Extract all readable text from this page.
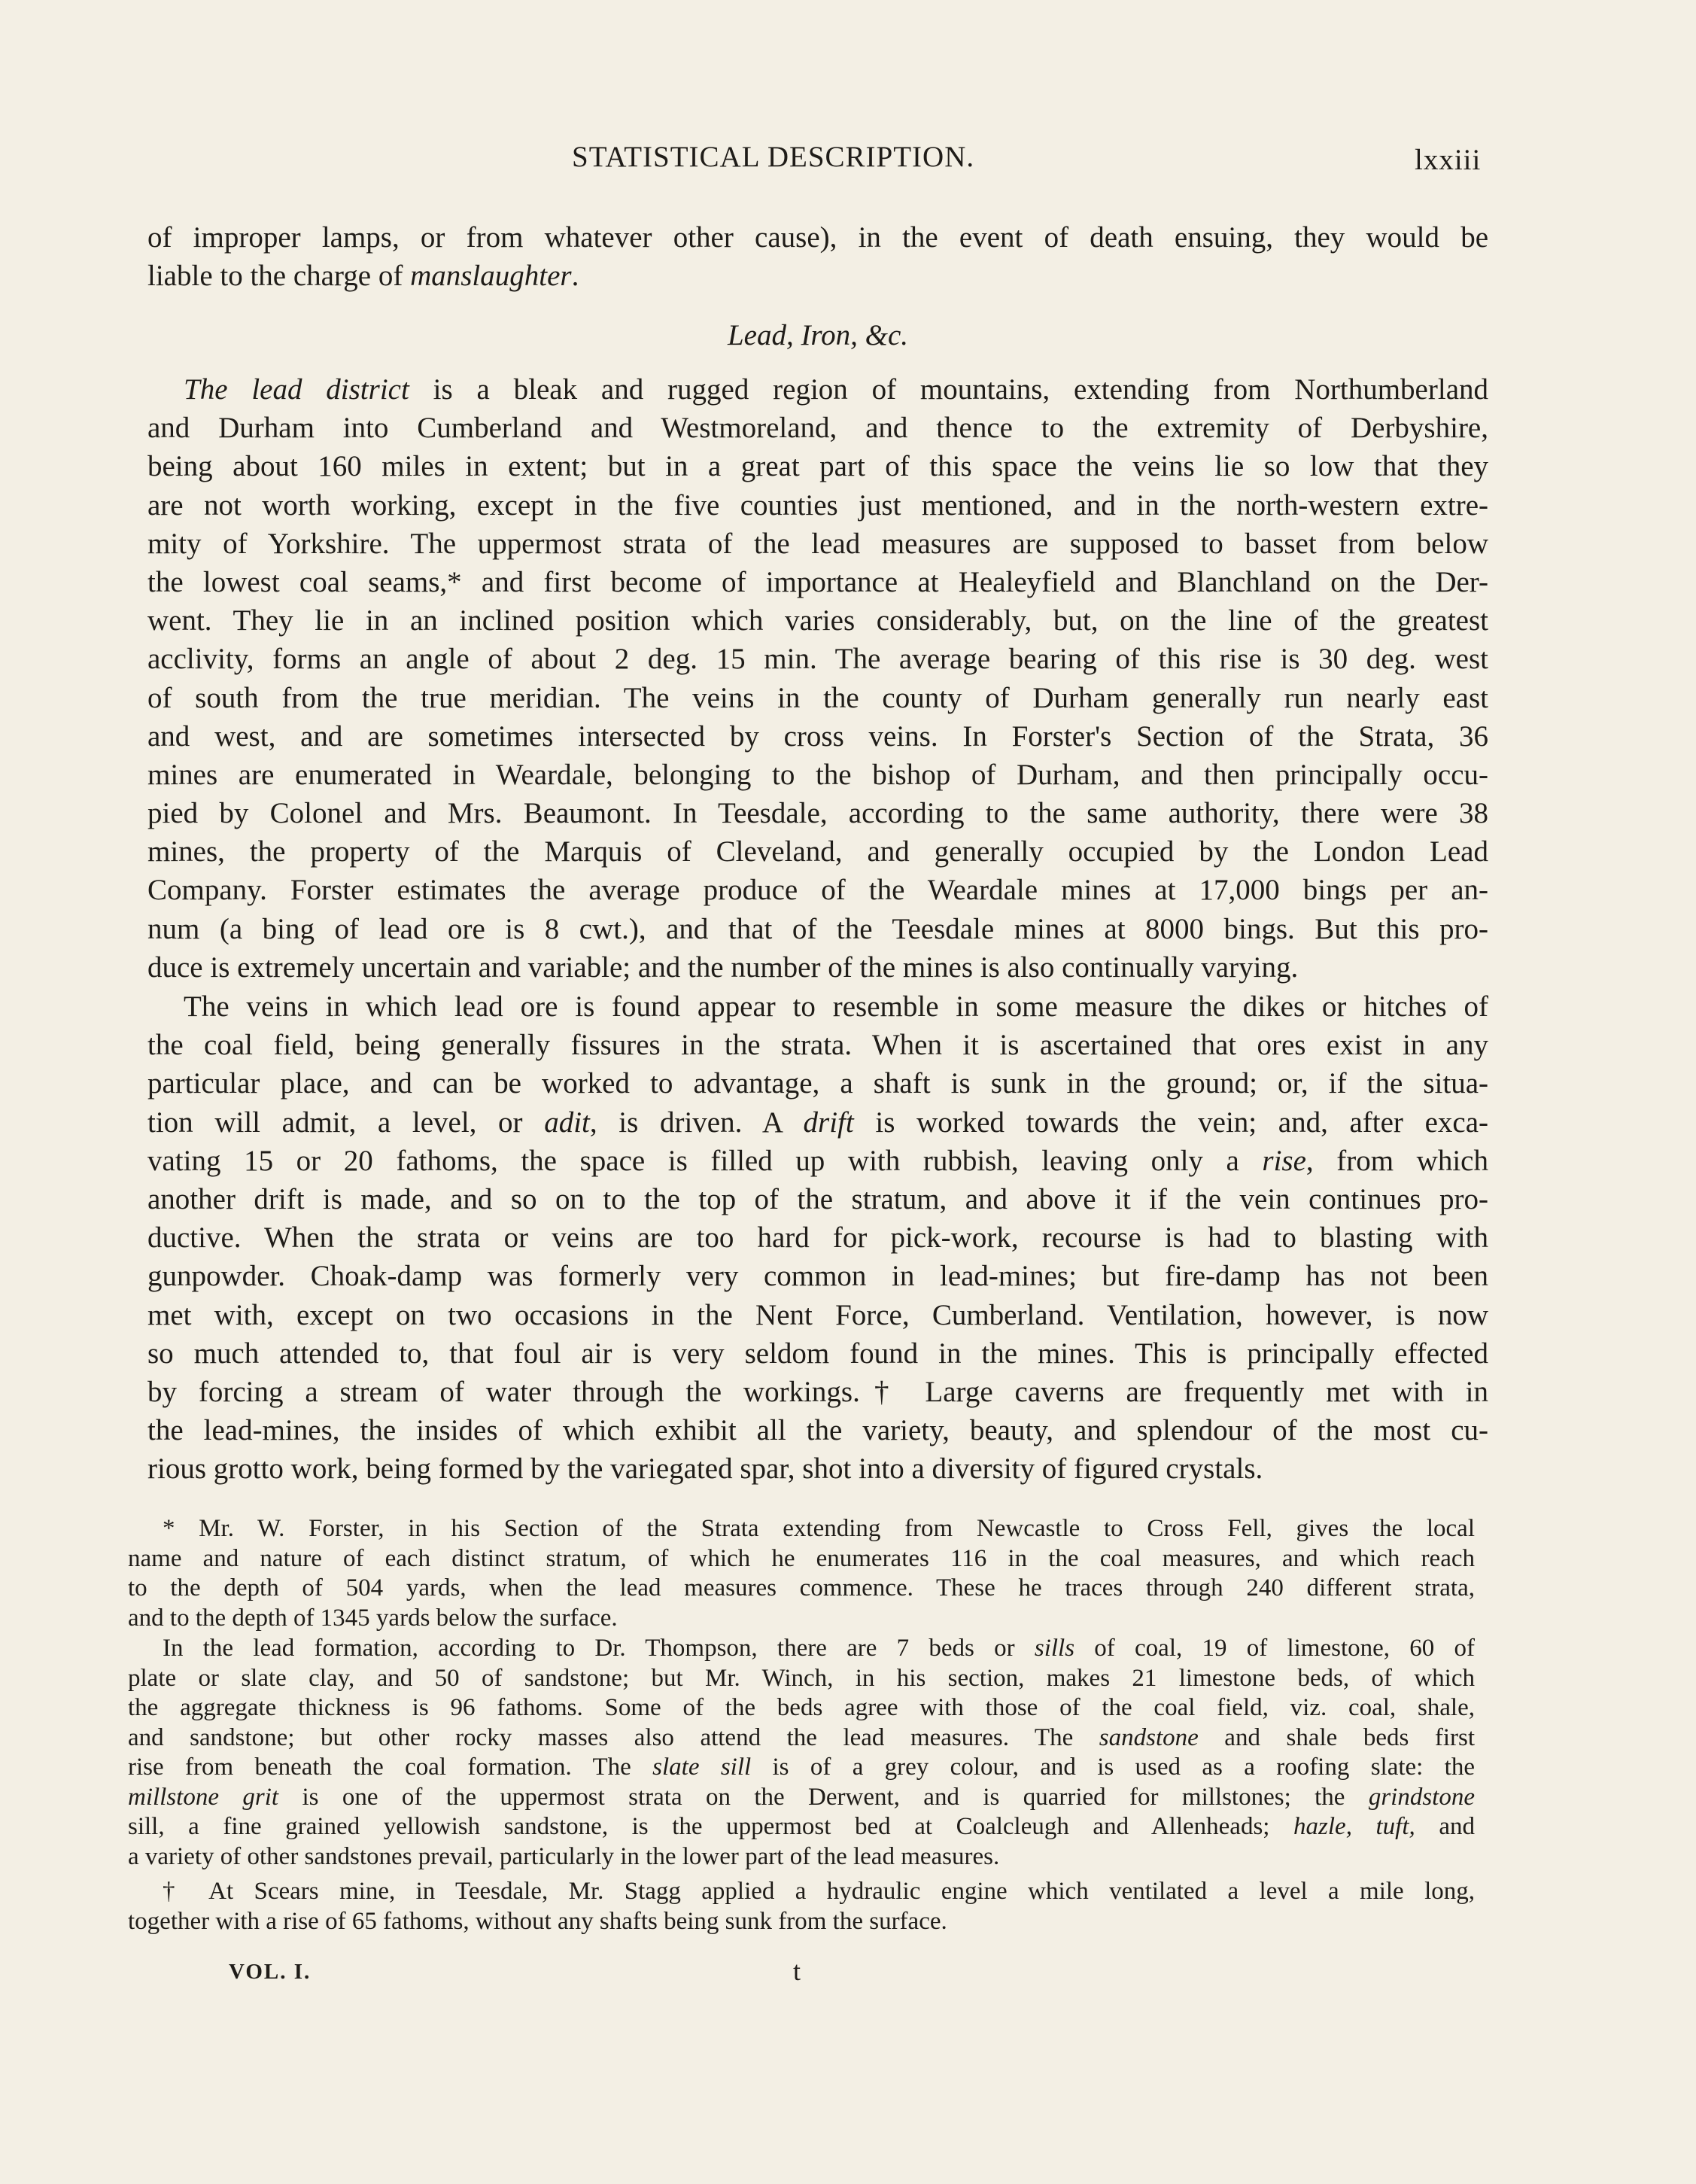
STATISTICAL DESCRIPTION.	lxxiii
of improper lamps, or from whatever other cause), in the event of death ensuing, they would be
liable to the charge of manslaughter.
Lead, Iron, &c.
The lead district is a bleak and rugged region of mountains, extending from Northumberland
and Durham into Cumberland and Westmoreland, and thence to the extremity of Derbyshire,
being about 160 miles in extent; but in a great part of this space the veins lie so low that they
are not worth working, except in the five counties just mentioned, and in the north-western extre-
mity of Yorkshire. The uppermost strata of the lead measures are supposed to basset from below
the lowest coal seams,* and first become of importance at Healeyfield and Blanchland on the Der-
went. They lie in an inclined position which varies considerably, but, on the line of the greatest
acclivity, forms an angle of about 2 deg. 15 min. The average bearing of this rise is 30 deg. west
of south from the true meridian. The veins in the county of Durham generally run nearly east
and west, and are sometimes intersected by cross veins. In Forster's Section of the Strata, 36
mines are enumerated in Weardale, belonging to the bishop of Durham, and then principally occu-
pied by Colonel and Mrs. Beaumont. In Teesdale, according to the same authority, there were 38
mines, the property of the Marquis of Cleveland, and generally occupied by the London Lead
Company. Forster estimates the average produce of the Weardale mines at 17,000 bings per an-
num (a bing of lead ore is 8 cwt.), and that of the Teesdale mines at 8000 bings. But this pro-
duce is extremely uncertain and variable; and the number of the mines is also continually varying.
The veins in which lead ore is found appear to resemble in some measure the dikes or hitches of
the coal field, being generally fissures in the strata. When it is ascertained that ores exist in any
particular place, and can be worked to advantage, a shaft is sunk in the ground; or, if the situa-
tion will admit, a level, or adit, is driven. A drift is worked towards the vein; and, after exca-
vating 15 or 20 fathoms, the space is filled up with rubbish, leaving only a rise, from which
another drift is made, and so on to the top of the stratum, and above it if the vein continues pro-
ductive. When the strata or veins are too hard for pick-work, recourse is had to blasting with
gunpowder. Choak-damp was formerly very common in lead-mines; but fire-damp has not been
met with, except on two occasions in the Nent Force, Cumberland. Ventilation, however, is now
so much attended to, that foul air is very seldom found in the mines. This is principally effected
by forcing a stream of water through the workings.† Large caverns are frequently met with in
the lead-mines, the insides of which exhibit all the variety, beauty, and splendour of the most cu-
rious grotto work, being formed by the variegated spar, shot into a diversity of figured crystals.
* Mr. W. Forster, in his Section of the Strata extending from Newcastle to Cross Fell, gives the local
name and nature of each distinct stratum, of which he enumerates 116 in the coal measures, and which reach
to the depth of 504 yards, when the lead measures commence. These he traces through 240 different strata,
and to the depth of 1345 yards below the surface.
In the lead formation, according to Dr. Thompson, there are 7 beds or sills of coal, 19 of limestone, 60 of
plate or slate clay, and 50 of sandstone; but Mr. Winch, in his section, makes 21 limestone beds, of which
the aggregate thickness is 96 fathoms. Some of the beds agree with those of the coal field, viz. coal, shale,
and sandstone; but other rocky masses also attend the lead measures. The sandstone and shale beds first
rise from beneath the coal formation. The slate sill is of a grey colour, and is used as a roofing slate: the
millstone grit is one of the uppermost strata on the Derwent, and is quarried for millstones; the grindstone
sill, a fine grained yellowish sandstone, is the uppermost bed at Coalcleugh and Allenheads; hazle, tuft, and
a variety of other sandstones prevail, particularly in the lower part of the lead measures.
† At Scears mine, in Teesdale, Mr. Stagg applied a hydraulic engine which ventilated a level a mile long,
together with a rise of 65 fathoms, without any shafts being sunk from the surface.
VOL. I.	t
